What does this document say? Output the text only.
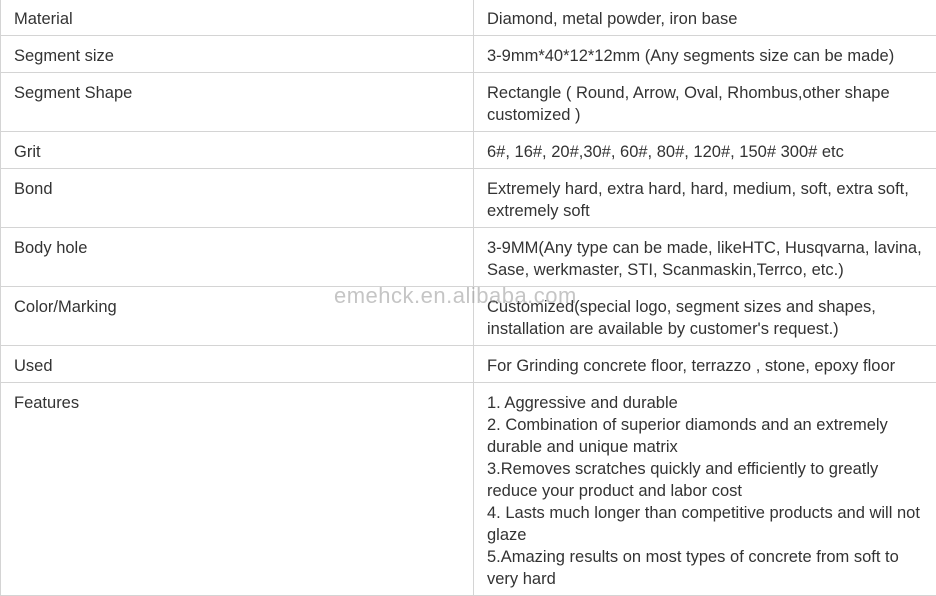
Material	Diamond, metal powder, iron base
Segment size	3-9mm*40*12*12mm (Any segments size can be made)
Segment Shape	Rectangle ( Round, Arrow, Oval, Rhombus,other shape customized )
Grit	6#, 16#, 20#,30#, 60#, 80#, 120#, 150# 300# etc
Bond	Extremely hard, extra hard, hard, medium, soft, extra soft, extremely soft
Body hole	3-9MM(Any type can be made, likeHTC, Husqvarna, lavina, Sase, werkmaster, STI, Scanmaskin,Terrco, etc.)
Color/Marking	Customized(special logo, segment sizes and shapes, installation are available by customer's request.)
Used	For Grinding concrete floor, terrazzo , stone, epoxy floor
Features	1. Aggressive and durable
2. Combination of superior diamonds and an extremely durable and unique matrix
3.Removes scratches quickly and efficiently to greatly reduce your product and labor cost
4. Lasts much longer than competitive products and will not glaze
5.Amazing results on most types of concrete from soft to very hard
emehck.en.alibaba.com
